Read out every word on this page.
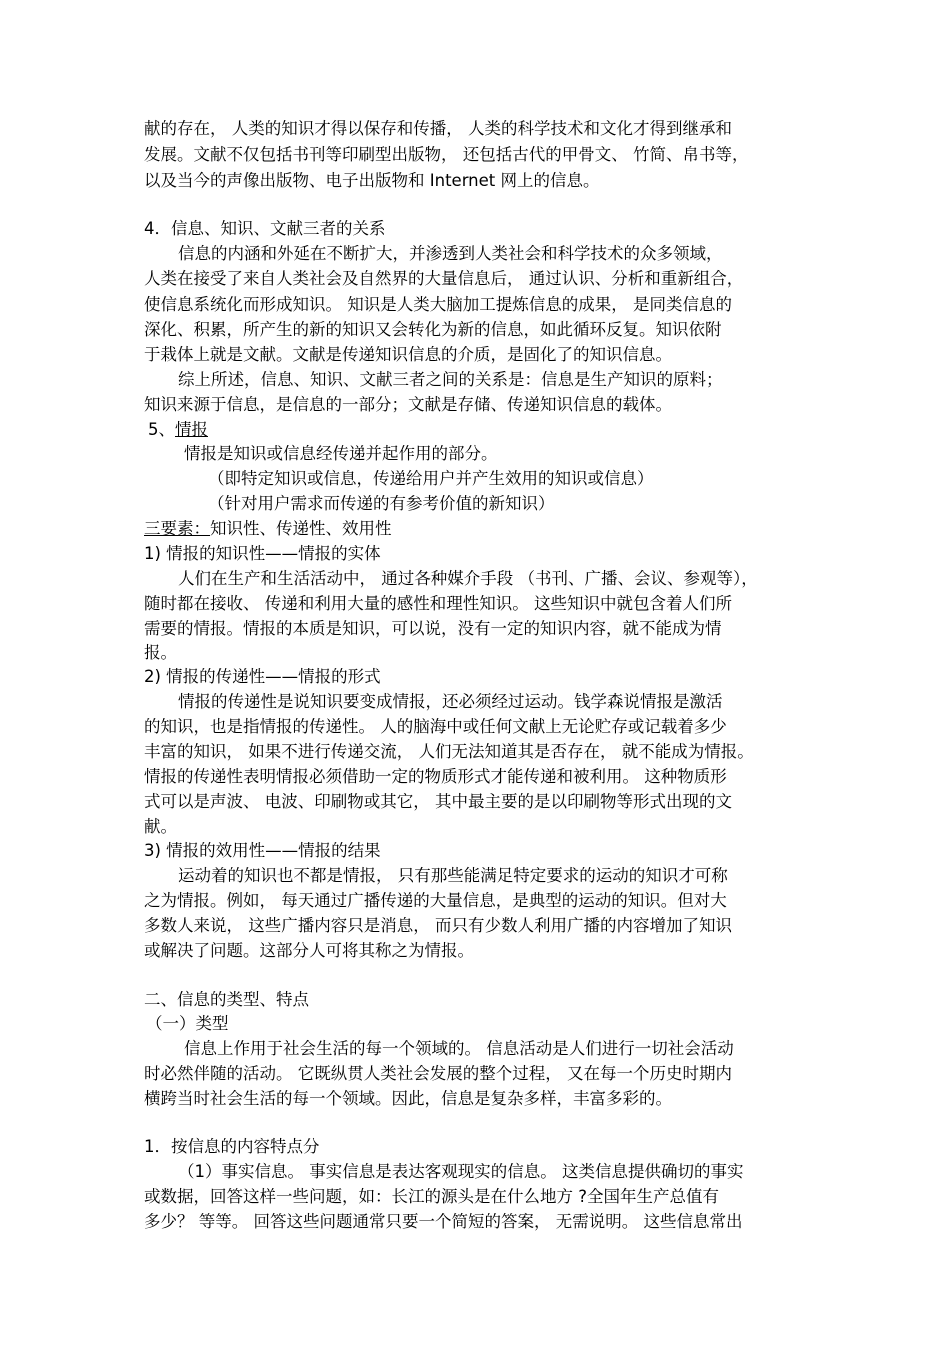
献的存在， 人类的知识才得以保存和传播， 人类的科学技术和文化才得到继承和
发展。文献不仅包括书刊等印刷型出版物， 还包括古代的甲骨文、 竹简、帛书等，
以及当今的声像出版物、电子出版物和 Internet 网上的信息。
4．信息、知识、文献三者的关系
信息的内涵和外延在不断扩大，并渗透到人类社会和科学技术的众多领域，
人类在接受了来自人类社会及自然界的大量信息后， 通过认识、分析和重新组合，
使信息系统化而形成知识。 知识是人类大脑加工提炼信息的成果， 是同类信息的
深化、积累，所产生的新的知识又会转化为新的信息，如此循环反复。知识依附
于栽体上就是文献。文献是传递知识信息的介质，是固化了的知识信息。
综上所述，信息、知识、文献三者之间的关系是：信息是生产知识的原料；
知识来源于信息，是信息的一部分；文献是存储、传递知识信息的载体。
5、情报
情报是知识或信息经传递并起作用的部分。
（即特定知识或信息，传递给用户并产生效用的知识或信息）
（针对用户需求而传递的有参考价值的新知识）
三要素：知识性、传递性、效用性
1) 情报的知识性——情报的实体
人们在生产和生活活动中， 通过各种媒介手段 （书刊、广播、会议、参观等），
随时都在接收、 传递和利用大量的感性和理性知识。 这些知识中就包含着人们所
需要的情报。情报的本质是知识，可以说，没有一定的知识内容，就不能成为情
报。
2) 情报的传递性——情报的形式
情报的传递性是说知识要变成情报，还必须经过运动。钱学森说情报是激活
的知识，也是指情报的传递性。 人的脑海中或任何文献上无论贮存或记载着多少
丰富的知识， 如果不进行传递交流， 人们无法知道其是否存在， 就不能成为情报。
情报的传递性表明情报必须借助一定的物质形式才能传递和被利用。 这种物质形
式可以是声波、 电波、印刷物或其它， 其中最主要的是以印刷物等形式出现的文
献。
3) 情报的效用性——情报的结果
运动着的知识也不都是情报， 只有那些能满足特定要求的运动的知识才可称
之为情报。例如， 每天通过广播传递的大量信息，是典型的运动的知识。但对大
多数人来说， 这些广播内容只是消息， 而只有少数人利用广播的内容增加了知识
或解决了问题。这部分人可将其称之为情报。
二、信息的类型、特点
（一）类型
信息上作用于社会生活的每一个领域的。 信息活动是人们进行一切社会活动
时必然伴随的活动。 它既纵贯人类社会发展的整个过程， 又在每一个历史时期内
横跨当时社会生活的每一个领域。因此，信息是复杂多样，丰富多彩的。
1．按信息的内容特点分
（1）事实信息。 事实信息是表达客观现实的信息。 这类信息提供确切的事实
或数据，回答这样一些问题，如：长江的源头是在什么地方 ?全国年生产总值有
多少？ 等等。 回答这些问题通常只要一个简短的答案， 无需说明。 这些信息常出
